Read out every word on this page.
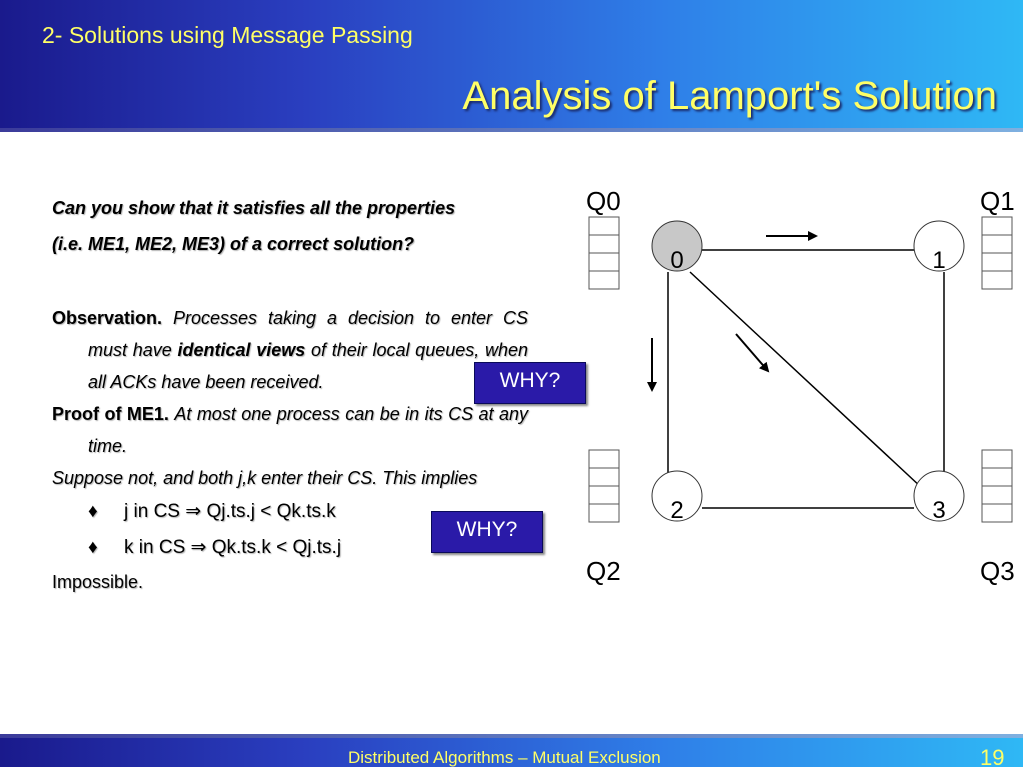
2- Solutions using Message Passing
Analysis of Lamport's Solution
Can you show that it satisfies all the properties
(i.e. ME1, ME2, ME3) of a correct solution?
Observation. Processes taking a decision to enter CS must have identical views of their local queues, when all ACKs have been received.
Proof of ME1. At most one process can be in its CS at any time.
Suppose not, and both j,k enter their CS. This implies
♦ j in CS ⇒ Qj.ts.j < Qk.ts.k
♦ k in CS ⇒ Qk.ts.k < Qj.ts.j
Impossible.
WHY?
WHY?
0	1
2	3
Q0	Q1
Q2	Q3
Distributed Algorithms – Mutual Exclusion	19
